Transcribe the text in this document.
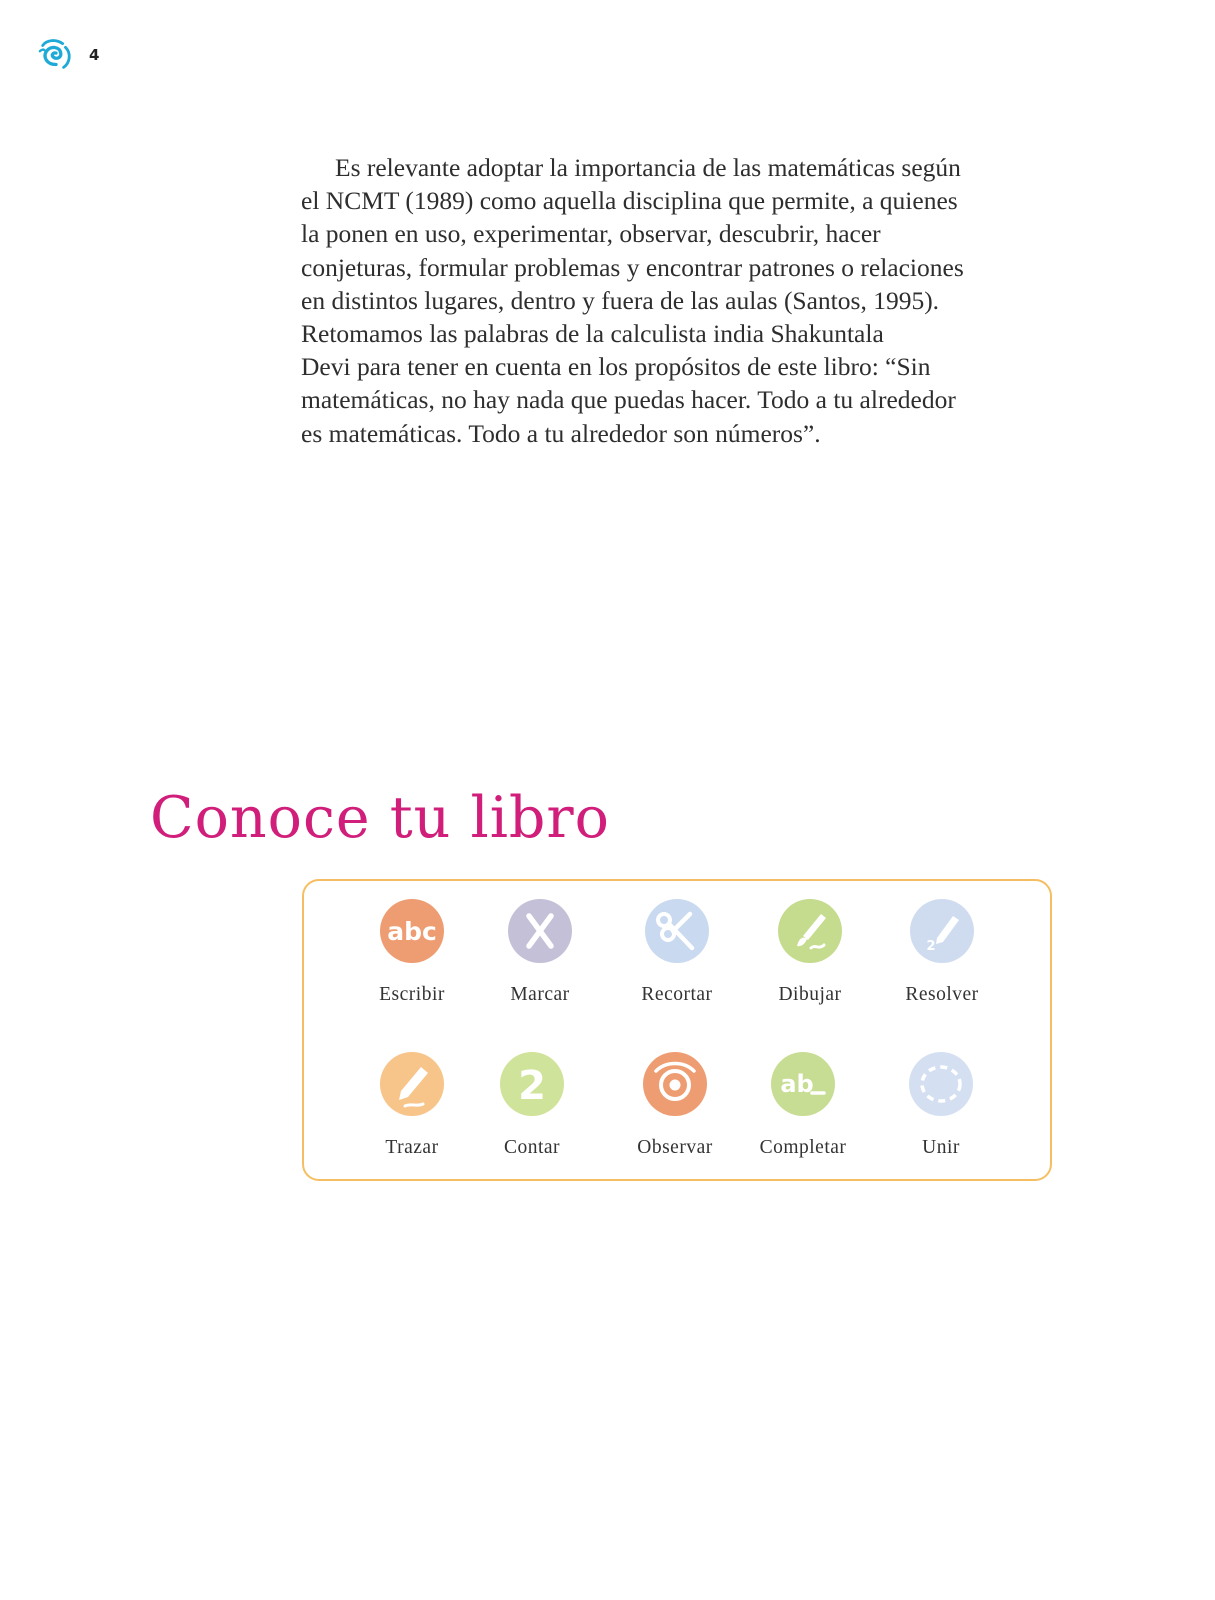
4
Es relevante adoptar la importancia de las matemáticas según
el NCMT (1989) como aquella disciplina que permite, a quienes
la ponen en uso, experimentar, observar, descubrir, hacer
conjeturas, formular problemas y encontrar patrones o relaciones
en distintos lugares, dentro y fuera de las aulas (Santos, 1995).
Retomamos las palabras de la calculista india Shakuntala
Devi para tener en cuenta en los propósitos de este libro: “Sin
matemáticas, no hay nada que puedas hacer. Todo a tu alrededor
es matemáticas. Todo a tu alrededor son números”.
Conoce tu libro
abc
Escribir	Marcar	Recortar	Dibujar
2
Resolver
Trazar
2
Contar	Observar
ab
Completar	Unir
